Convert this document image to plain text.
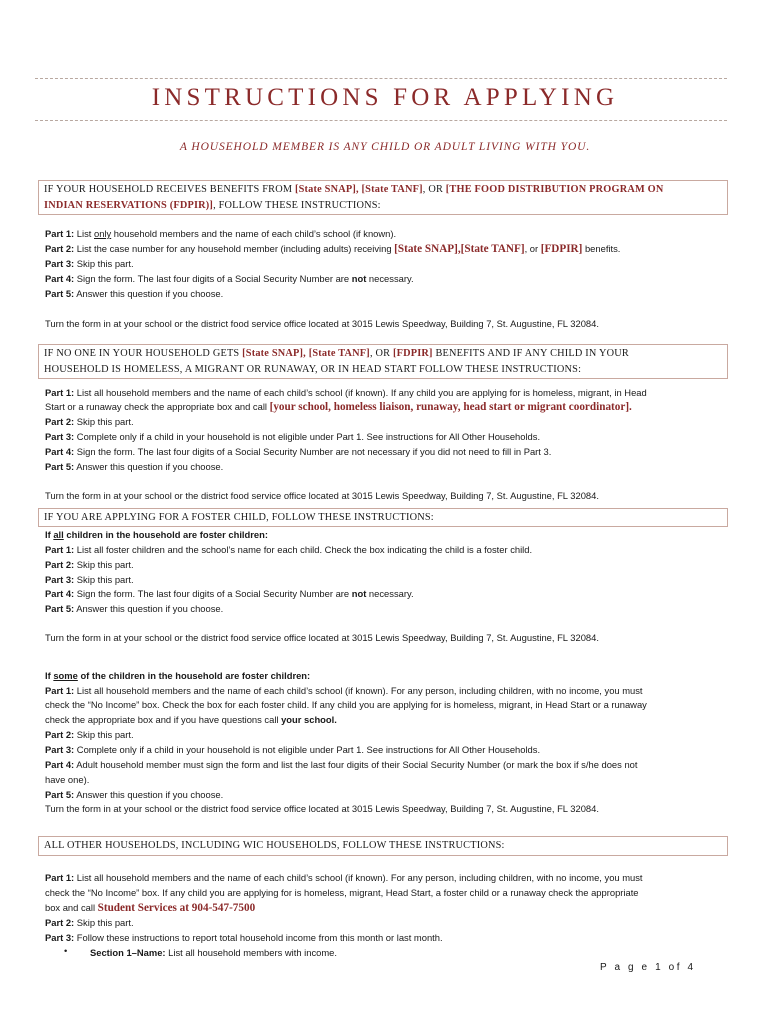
INSTRUCTIONS FOR APPLYING
A HOUSEHOLD MEMBER IS ANY CHILD OR ADULT LIVING WITH YOU.
IF YOUR HOUSEHOLD RECEIVES BENEFITS FROM [State SNAP], [State TANF], OR [THE FOOD DISTRIBUTION PROGRAM ON
INDIAN RESERVATIONS (FDPIR)], FOLLOW THESE INSTRUCTIONS:
Part 1: List only household members and the name of each child’s school (if known).
Part 2: List the case number for any household member (including adults) receiving [State SNAP],[State TANF], or [FDPIR] benefits.
Part 3: Skip this part.
Part 4: Sign the form. The last four digits of a Social Security Number are not necessary.
Part 5: Answer this question if you choose.
Turn the form in at your school or the district food service office located at 3015 Lewis Speedway, Building 7, St. Augustine, FL 32084.
IF NO ONE IN YOUR HOUSEHOLD GETS [State SNAP], [State TANF], OR [FDPIR] BENEFITS AND IF ANY CHILD IN YOUR
HOUSEHOLD IS HOMELESS, A MIGRANT OR RUNAWAY, OR IN HEAD START FOLLOW THESE INSTRUCTIONS:
Part 1: List all household members and the name of each child’s school (if known). If any child you are applying for is homeless, migrant, in Head
Start or a runaway check the appropriate box and call [your school, homeless liaison, runaway, head start or migrant coordinator].
Part 2: Skip this part.
Part 3: Complete only if a child in your household is not eligible under Part 1. See instructions for All Other Households.
Part 4: Sign the form. The last four digits of a Social Security Number are not necessary if you did not need to fill in Part 3.
Part 5: Answer this question if you choose.
Turn the form in at your school or the district food service office located at 3015 Lewis Speedway, Building 7, St. Augustine, FL 32084.
IF YOU ARE APPLYING FOR A FOSTER CHILD, FOLLOW THESE INSTRUCTIONS:
If all children in the household are foster children:
Part 1: List all foster children and the school’s name for each child. Check the box indicating the child is a foster child.
Part 2: Skip this part.
Part 3: Skip this part.
Part 4: Sign the form. The last four digits of a Social Security Number are not necessary.
Part 5: Answer this question if you choose.
Turn the form in at your school or the district food service office located at 3015 Lewis Speedway, Building 7, St. Augustine, FL 32084.
If some of the children in the household are foster children:
Part 1: List all household members and the name of each child’s school (if known). For any person, including children, with no income, you must
check the “No Income” box. Check the box for each foster child. If any child you are applying for is homeless, migrant, in Head Start or a runaway
check the appropriate box and if you have questions call your school.
Part 2: Skip this part.
Part 3: Complete only if a child in your household is not eligible under Part 1. See instructions for All Other Households.
Part 4: Adult household member must sign the form and list the last four digits of their Social Security Number (or mark the box if s/he does not
have one).
Part 5: Answer this question if you choose.
Turn the form in at your school or the district food service office located at 3015 Lewis Speedway, Building 7, St. Augustine, FL 32084.
ALL OTHER HOUSEHOLDS, INCLUDING WIC HOUSEHOLDS, FOLLOW THESE INSTRUCTIONS:
Part 1: List all household members and the name of each child’s school (if known). For any person, including children, with no income, you must
check the “No Income” box. If any child you are applying for is homeless, migrant, Head Start, a foster child or a runaway check the appropriate
box and call Student Services at 904-547-7500
Part 2: Skip this part.
Part 3: Follow these instructions to report total household income from this month or last month.
• Section 1–Name: List all household members with income.
P a g e 1 of 4
